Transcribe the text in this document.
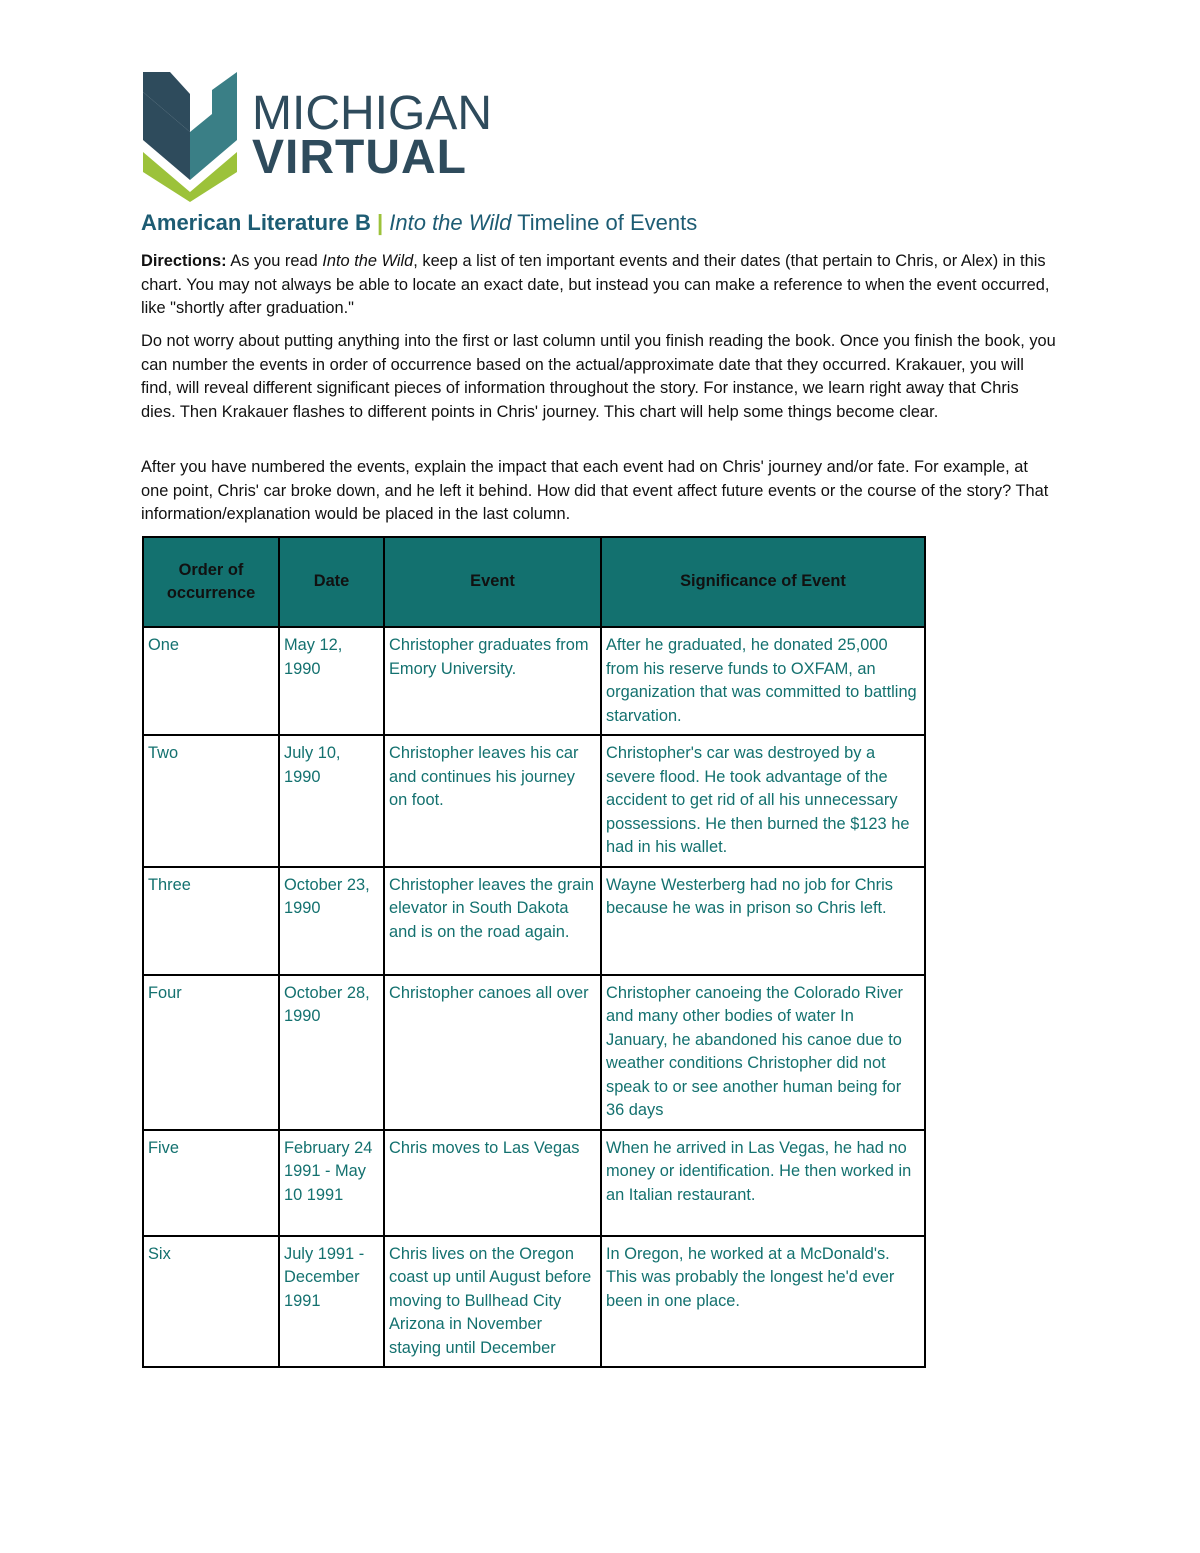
MICHIGAN
VIRTUAL
American Literature B | Into the Wild Timeline of Events
Directions: As you read Into the Wild, keep a list of ten important events and their dates (that pertain to Chris, or Alex) in this chart. You may not always be able to locate an exact date, but instead you can make a reference to when the event occurred, like "shortly after graduation."
Do not worry about putting anything into the first or last column until you finish reading the book. Once you finish the book, you can number the events in order of occurrence based on the actual/approximate date that they occurred. Krakauer, you will find, will reveal different significant pieces of information throughout the story. For instance, we learn right away that Chris dies. Then Krakauer flashes to different points in Chris' journey. This chart will help some things become clear.
After you have numbered the events, explain the impact that each event had on Chris' journey and/or fate. For example, at one point, Chris' car broke down, and he left it behind. How did that event affect future events or the course of the story? That information/explanation would be placed in the last column.
Order of occurrence	Date	Event	Significance of Event
One	May 12, 1990	Christopher graduates from Emory University.	After he graduated, he donated 25,000 from his reserve funds to OXFAM, an organization that was committed to battling starvation.
Two	July 10, 1990	Christopher leaves his car and continues his journey on foot.	Christopher's car was destroyed by a severe flood. He took advantage of the accident to get rid of all his unnecessary possessions. He then burned the $123 he had in his wallet.
Three	October 23, 1990	Christopher leaves the grain elevator in South Dakota and is on the road again.	Wayne Westerberg had no job for Chris because he was in prison so Chris left.
Four	October 28, 1990	Christopher canoes all over	Christopher canoeing the Colorado River and many other bodies of water In January, he abandoned his canoe due to weather conditions Christopher did not speak to or see another human being for 36 days
Five	February 24 1991 - May 10 1991	Chris moves to Las Vegas	When he arrived in Las Vegas, he had no money or identification. He then worked in an Italian restaurant.
Six	July 1991 - December 1991	Chris lives on the Oregon coast up until August before moving to Bullhead City Arizona in November staying until December	In Oregon, he worked at a McDonald's. This was probably the longest he'd ever been in one place.
